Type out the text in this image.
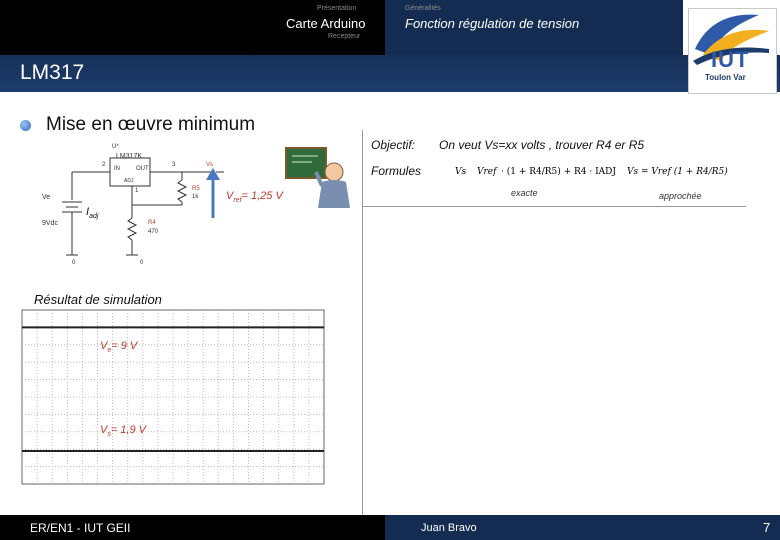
Présentation
Carte Arduino
Recepteur
Généralités
Fonction régulation de tension
LM317
IUT
Toulon Var
Mise en œuvre minimum
U*
LM317K
IN	OUT
ADJ
2	3
1
Vs
R5
1k
R4
470
Ve
9Vdc
0	0
$I_{adj}$
$V_{ref}= 1,25$ V
Objectif: On veut Vs=xx volts , trouver R4 er R5
Formules	Vs Vref · (1 + R4/R5) + R4 · IADJ Vs = Vref (1 + R4/R5)
exacte	approchée
Résultat de simulation
$V_e= 9$ V
$V_s= 1,9$ V
ER/EN1 - IUT GEII	Juan Bravo	7
